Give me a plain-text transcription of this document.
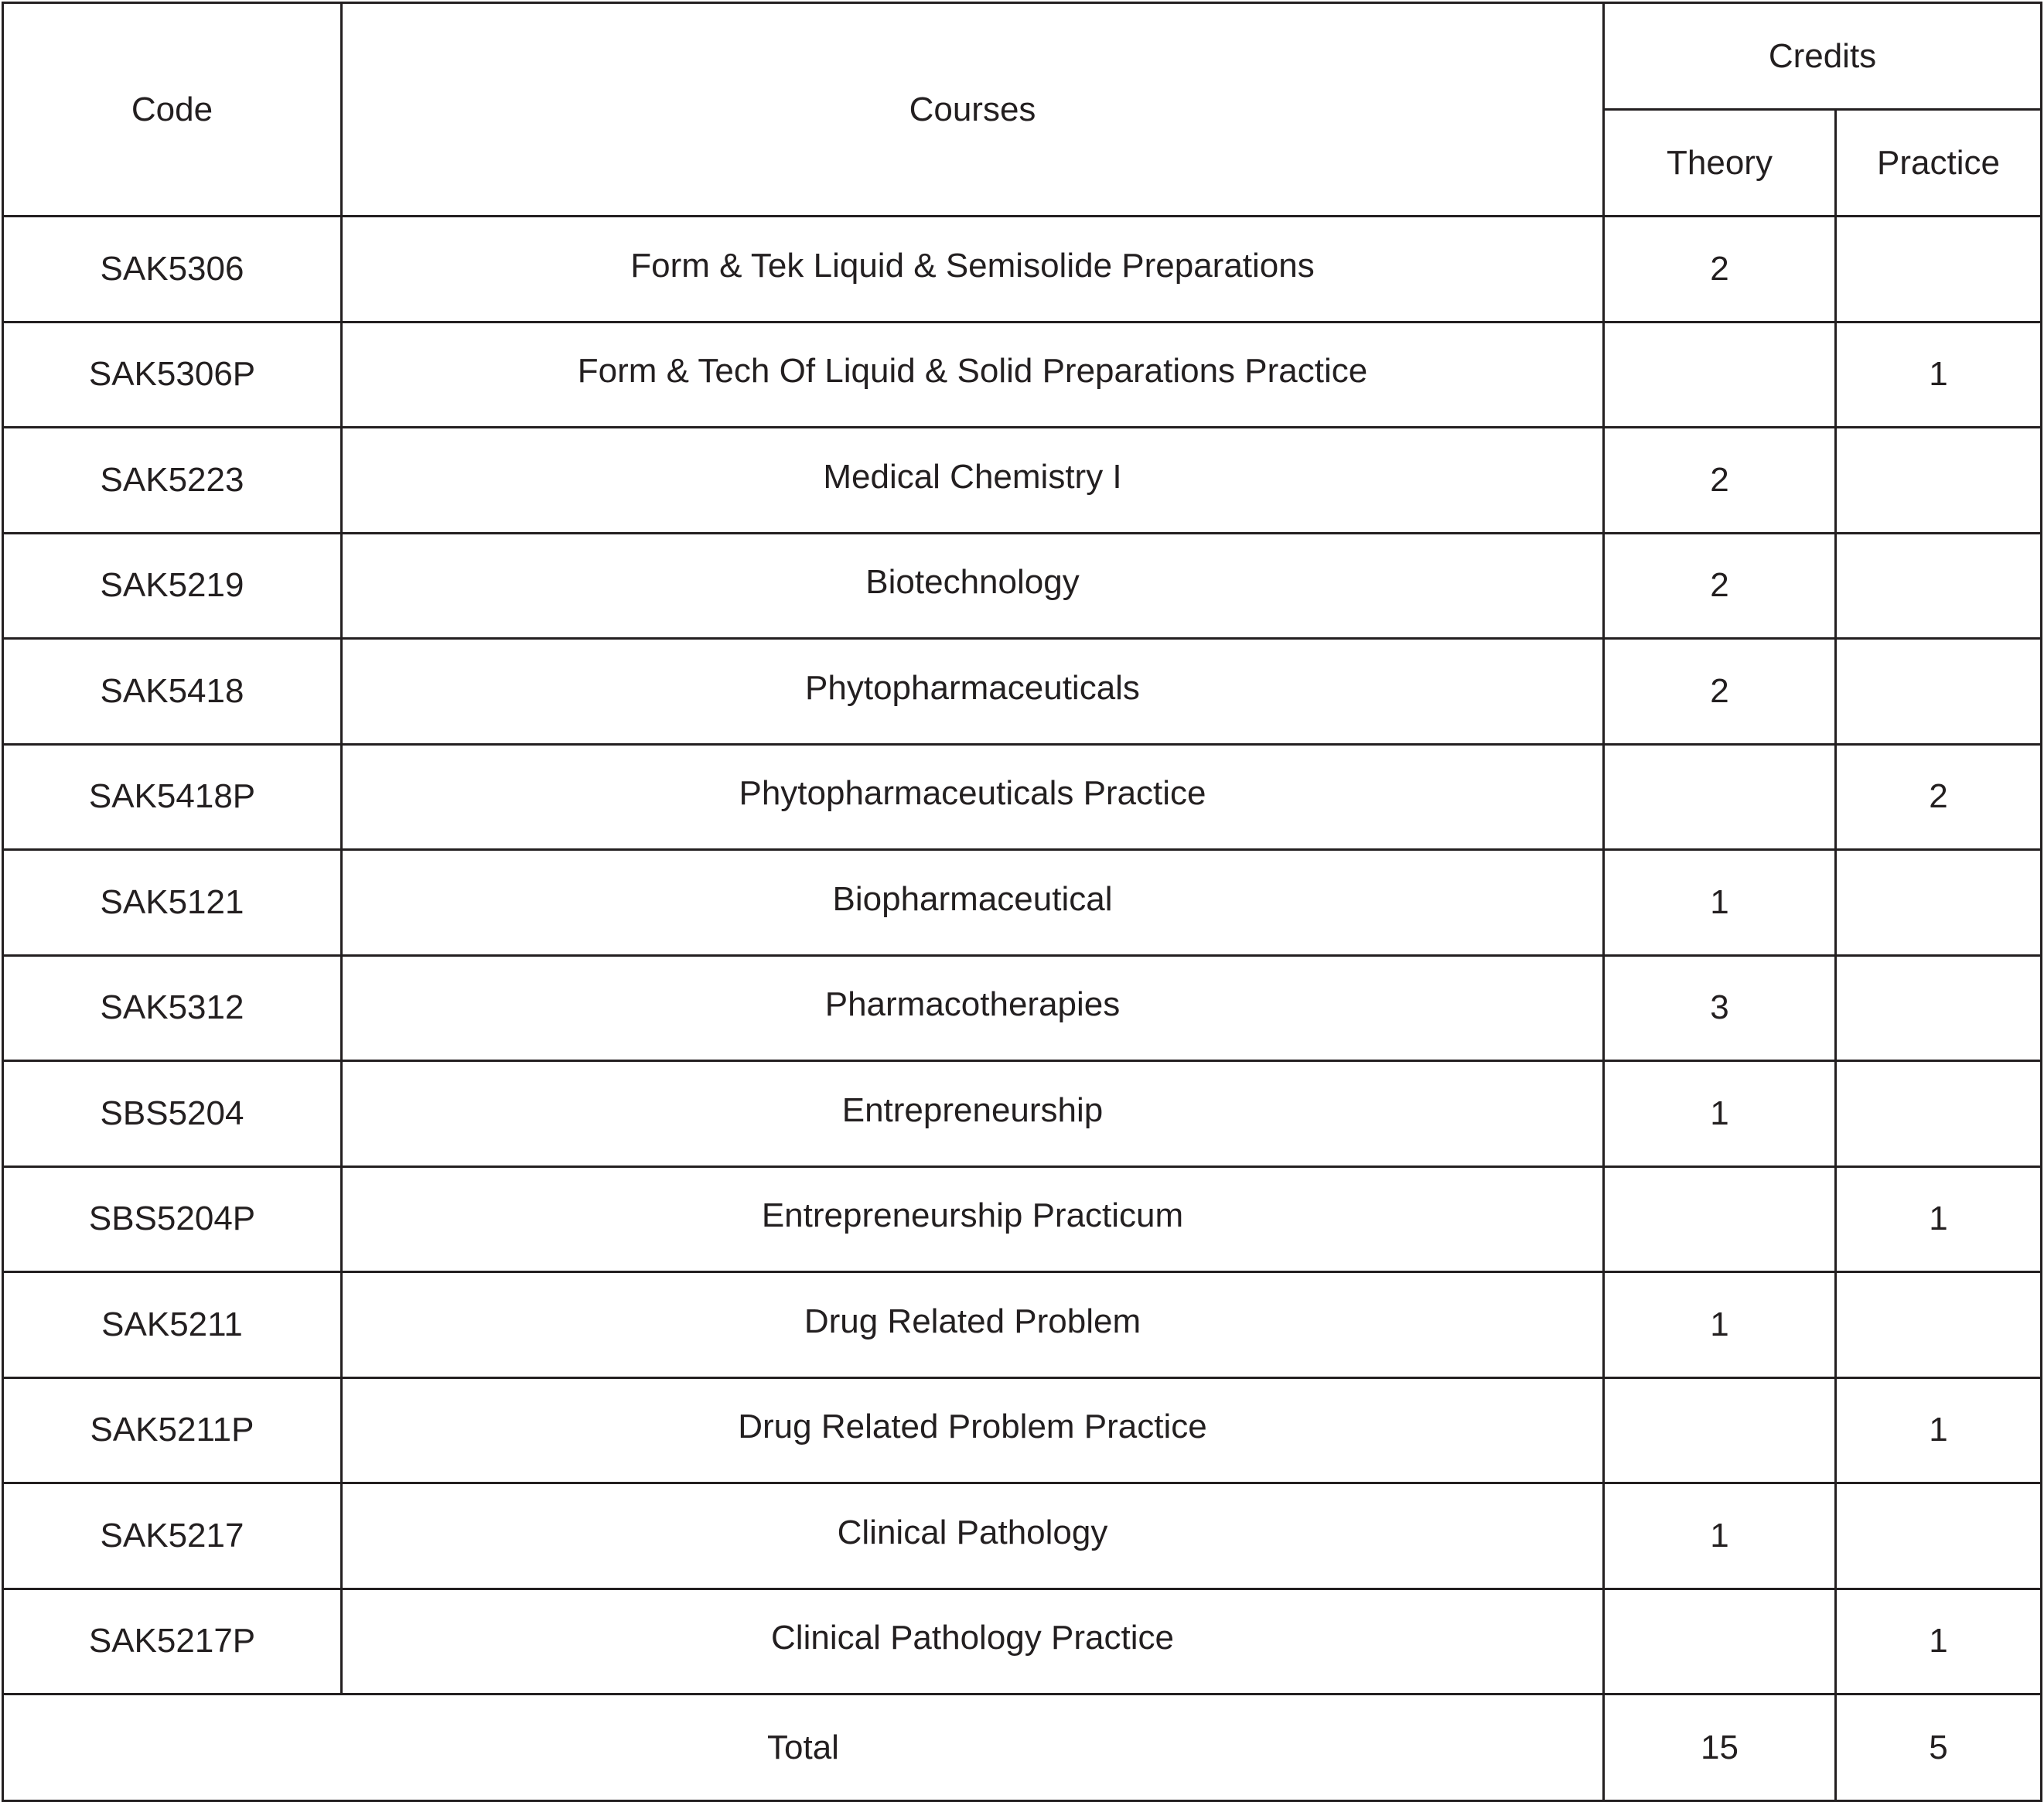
Code	Courses	Credits	
		Theory	Practice
SAK5306	Form & Tek Liquid & Semisolide Preparations	2	
SAK5306P	Form & Tech Of Liquid & Solid Preparations Practice		1
SAK5223	Medical Chemistry I	2	
SAK5219	Biotechnology	2	
SAK5418	Phytopharmaceuticals	2	
SAK5418P	Phytopharmaceuticals Practice		2
SAK5121	Biopharmaceutical	1	
SAK5312	Pharmacotherapies	3	
SBS5204	Entrepreneurship	1	
SBS5204P	Entrepreneurship Practicum		1
SAK5211	Drug Related Problem	1	
SAK5211P	Drug Related Problem Practice		1
SAK5217	Clinical Pathology	1	
SAK5217P	Clinical Pathology Practice		1
Total		15	5
